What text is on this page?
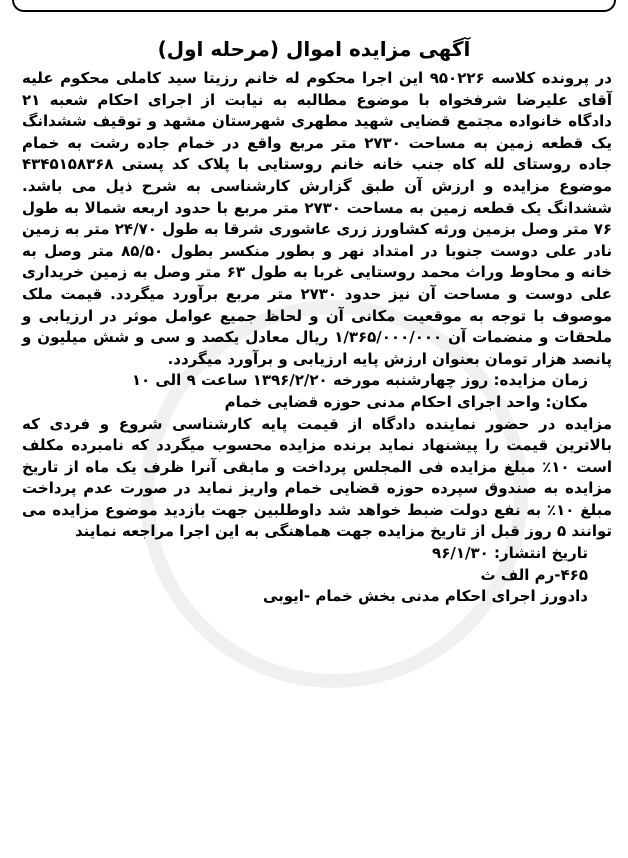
آگهی مزایده اموال (مرحله اول)

در پرونده کلاسه ۹۵۰۲۲۶ این اجرا محکوم له خانم رزیتا سید کاملی محکوم علیه آقای علیرضا شرفخواه با موضوع مطالبه به نیابت از اجرای احکام شعبه ۲۱ دادگاه خانواده مجتمع قضایی شهید مطهری شهرستان مشهد و توقیف ششدانگ یک قطعه زمین به مساحت ۲۷۳۰ متر مربع واقع در خمام جاده رشت به خمام جاده روستای لله کاه جنب خانه خانم روستایی با پلاک کد پستی ۴۳۴۵۱۵۸۳۶۸ موضوع مزایده و ارزش آن طبق گزارش کارشناسی به شرح ذیل می باشد. ششدانگ یک قطعه زمین به مساحت ۲۷۳۰ متر مربع با حدود اربعه شمالا به طول ۷۶ متر وصل بزمین ورثه کشاورز زری عاشوری شرقا به طول ۲۴/۷۰ متر به زمین نادر علی دوست جنوبا در امتداد نهر و بطور منکسر بطول ۸۵/۵۰ متر وصل به خانه و محاوط وراث محمد روستایی غربا به طول ۶۳ متر وصل به زمین خریداری علی دوست و مساحت آن نیز حدود ۲۷۳۰ متر مربع برآورد میگردد. قیمت ملک موصوف با توجه به موقعیت مکانی آن و لحاظ جمیع عوامل موثر در ارزیابی و ملحقات و منضمات آن ۱/۳۶۵/۰۰۰/۰۰۰ ریال معادل یکصد و سی و شش میلیون و پانصد هزار تومان بعنوان ارزش پایه ارزیابی و برآورد میگردد.

زمان مزایده: روز چهارشنبه مورخه ۱۳۹۶/۲/۲۰ ساعت ۹ الی ۱۰

مکان: واحد اجرای احکام مدنی حوزه قضایی خمام

مزایده در حضور نماینده دادگاه از قیمت پایه کارشناسی شروع و فردی که بالاترین قیمت را پیشنهاد نماید برنده مزایده محسوب میگردد که نامبرده مکلف است ۱۰٪ مبلغ مزایده فی المجلس پرداخت و مابقی آنرا ظرف یک ماه از تاریخ مزایده به صندوق سپرده حوزه قضایی خمام واریز نماید در صورت عدم پرداخت مبلغ ۱۰٪ به نفع دولت ضبط خواهد شد داوطلبین جهت بازدید موضوع مزایده می توانند ۵ روز قبل از تاریخ مزایده جهت هماهنگی به این اجرا مراجعه نمایند

تاریخ انتشار: ۹۶/۱/۳۰

۴۶۵-رم الف ث

دادورز اجرای احکام مدنی بخش خمام -ایوبی
